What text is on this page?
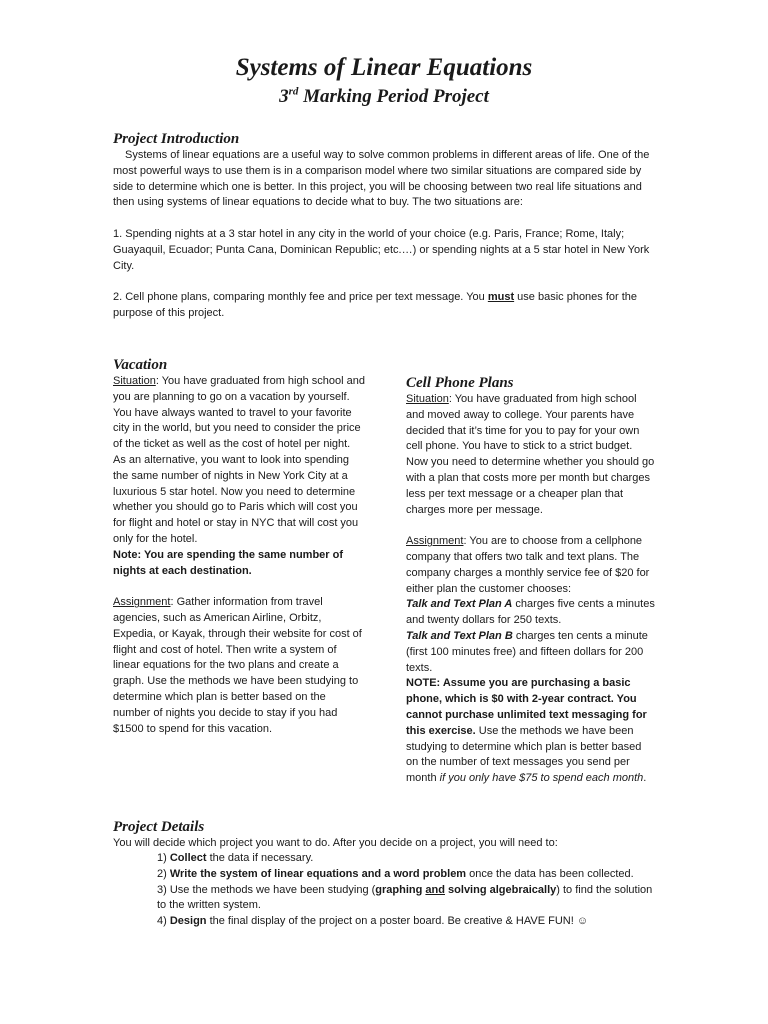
Systems of Linear Equations
3rd Marking Period Project
Project Introduction

Systems of linear equations are a useful way to solve common problems in different areas of life. One of the most powerful ways to use them is in a comparison model where two similar situations are compared side by side to determine which one is better. In this project, you will be choosing between two real life situations and then using systems of linear equations to decide what to buy. The two situations are:

1. Spending nights at a 3 star hotel in any city in the world of your choice (e.g. Paris, France; Rome, Italy; Guayaquil, Ecuador; Punta Cana, Dominican Republic; etc.…) or spending nights at a 5 star hotel in New York City.

2. Cell phone plans, comparing monthly fee and price per text message. You must use basic phones for the purpose of this project.

Vacation

Situation: You have graduated from high school and you are planning to go on a vacation by yourself. You have always wanted to travel to your favorite city in the world, but you need to consider the price of the ticket as well as the cost of hotel per night. As an alternative, you want to look into spending the same number of nights in New York City at a luxurious 5 star hotel. Now you need to determine whether you should go to Paris which will cost you for flight and hotel or stay in NYC that will cost you only for the hotel.

Note: You are spending the same number of nights at each destination.

Assignment: Gather information from travel agencies, such as American Airline, Orbitz, Expedia, or Kayak, through their website for cost of flight and cost of hotel. Then write a system of linear equations for the two plans and create a graph. Use the methods we have been studying to determine which plan is better based on the number of nights you decide to stay if you had $1500 to spend for this vacation.

Cell Phone Plans

Situation: You have graduated from high school and moved away to college. Your parents have decided that it’s time for you to pay for your own cell phone. You have to stick to a strict budget. Now you need to determine whether you should go with a plan that costs more per month but charges less per text message or a cheaper plan that charges more per message.

Assignment: You are to choose from a cellphone company that offers two talk and text plans. The company charges a monthly service fee of $20 for either plan the customer chooses:

Talk and Text Plan A charges five cents a minutes and twenty dollars for 250 texts.

Talk and Text Plan B charges ten cents a minute (first 100 minutes free) and fifteen dollars for 200 texts.

NOTE: Assume you are purchasing a basic phone, which is $0 with 2-year contract. You cannot purchase unlimited text messaging for this exercise. Use the methods we have been studying to determine which plan is better based on the number of text messages you send per month if you only have $75 to spend each month.

Project Details

You will decide which project you want to do. After you decide on a project, you will need to:

1) Collect the data if necessary.

2) Write the system of linear equations and a word problem once the data has been collected.

3) Use the methods we have been studying (graphing and solving algebraically) to find the solution to the written system.

4) Design the final display of the project on a poster board. Be creative & HAVE FUN! ☺
